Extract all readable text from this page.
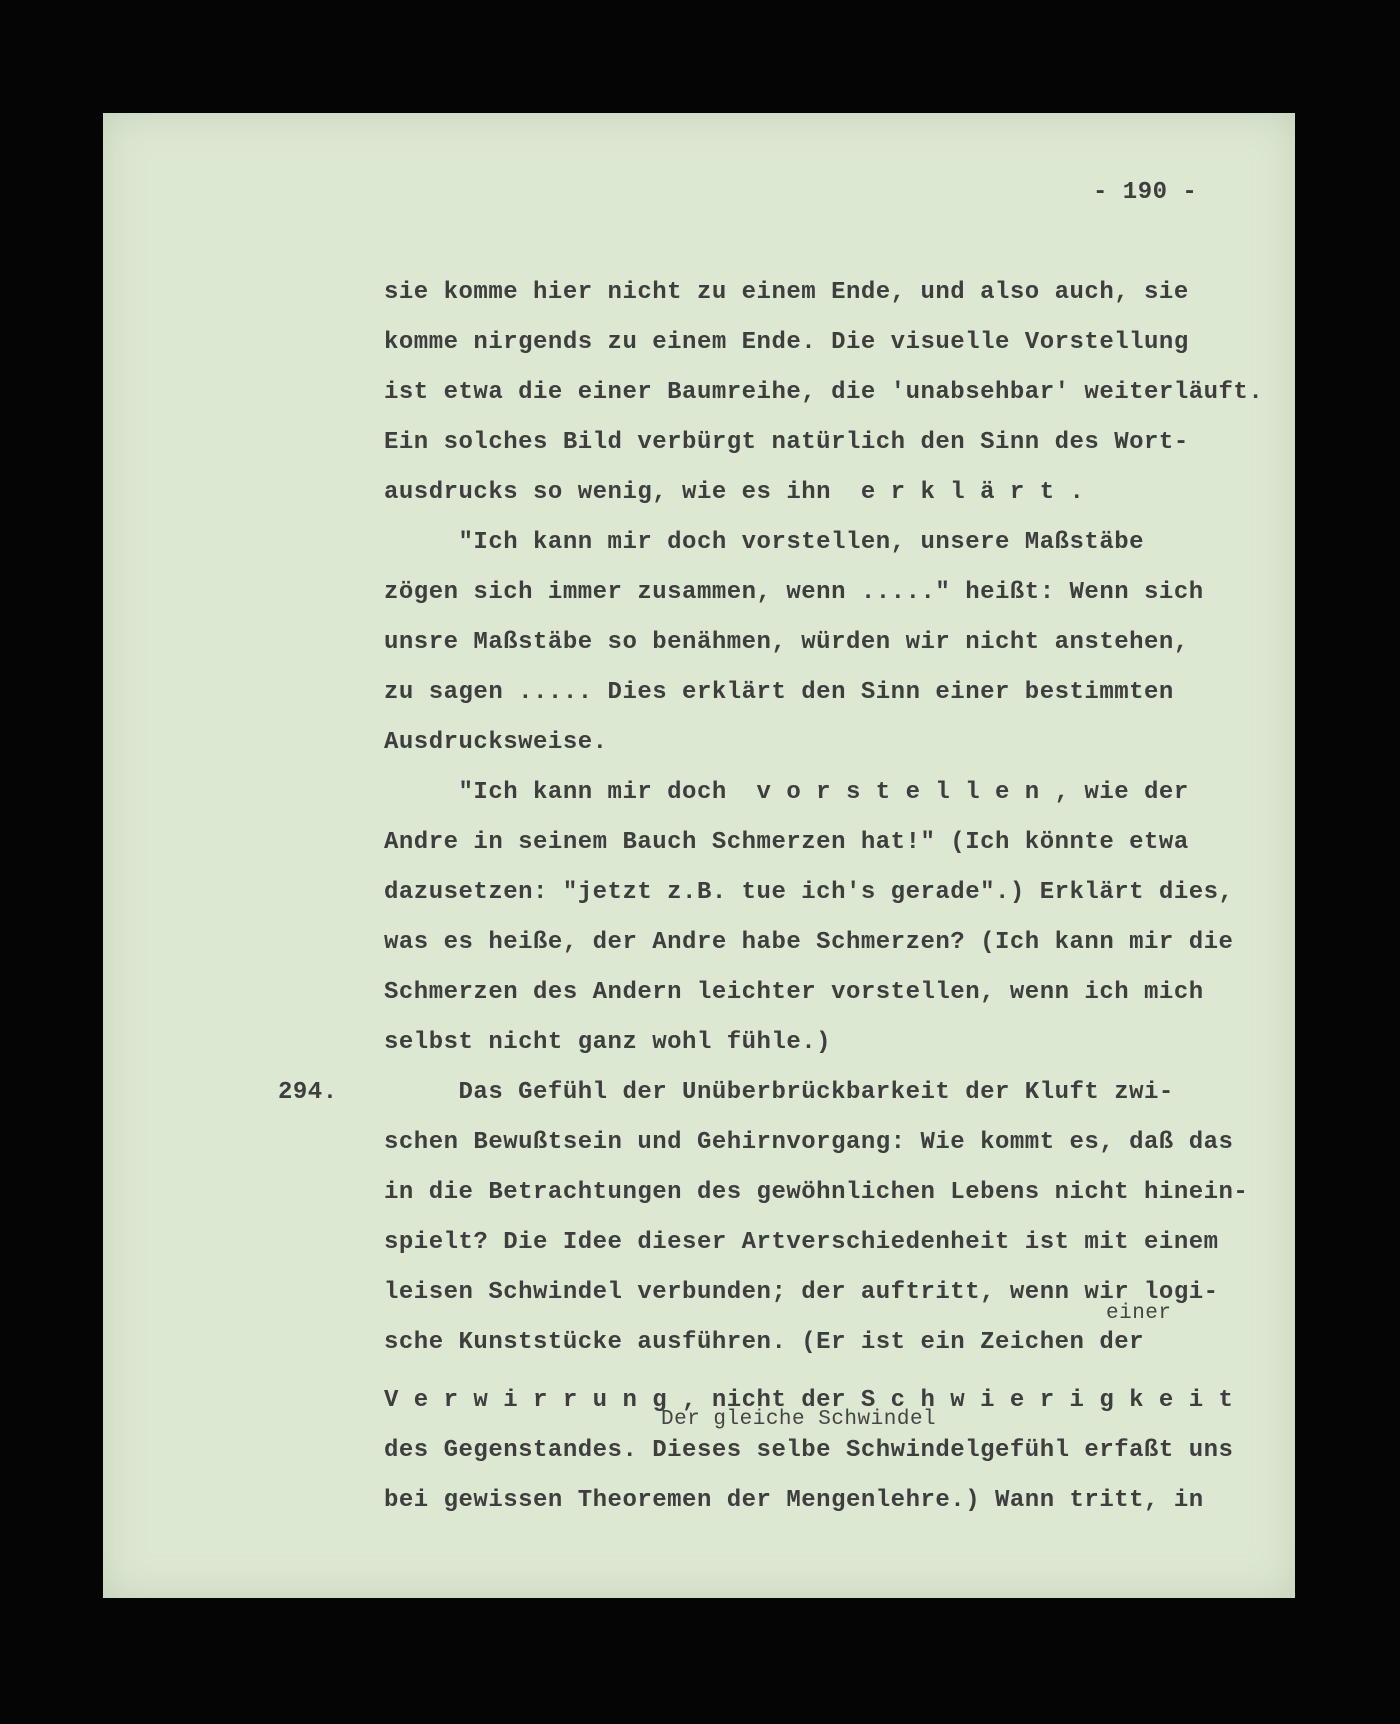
- 190 -
sie komme hier nicht zu einem Ende, und also auch, sie
komme nirgends zu einem Ende. Die visuelle Vorstellung
ist etwa die einer Baumreihe, die 'unabsehbar' weiterläuft.
Ein solches Bild verbürgt natürlich den Sinn des Wort-
ausdrucks so wenig, wie es ihn  e r k l ä r t .
"Ich kann mir doch vorstellen, unsere Maßstäbe
zögen sich immer zusammen, wenn ....." heißt: Wenn sich
unsre Maßstäbe so benähmen, würden wir nicht anstehen,
zu sagen ..... Dies erklärt den Sinn einer bestimmten
Ausdrucksweise.
"Ich kann mir doch  v o r s t e l l e n , wie der
Andre in seinem Bauch Schmerzen hat!" (Ich könnte etwa
dazusetzen: "jetzt z.B. tue ich's gerade".) Erklärt dies,
was es heiße, der Andre habe Schmerzen? (Ich kann mir die
Schmerzen des Andern leichter vorstellen, wenn ich mich
selbst nicht ganz wohl fühle.)
294. Das Gefühl der Unüberbrückbarkeit der Kluft zwi-
schen Bewußtsein und Gehirnvorgang: Wie kommt es, daß das
in die Betrachtungen des gewöhnlichen Lebens nicht hinein-
spielt? Die Idee dieser Artverschiedenheit ist mit einem
leisen Schwindel verbunden; der auftritt, wenn wir logi-
einer
sche Kunststücke ausführen. (Er ist ein Zeichen der
V e r w i r r u n g , nicht der S c h w i e r i g k e i t
Der gleiche Schwindel
des Gegenstandes. Dieses selbe Schwindelgefühl erfaßt uns
bei gewissen Theoremen der Mengenlehre.) Wann tritt, in
